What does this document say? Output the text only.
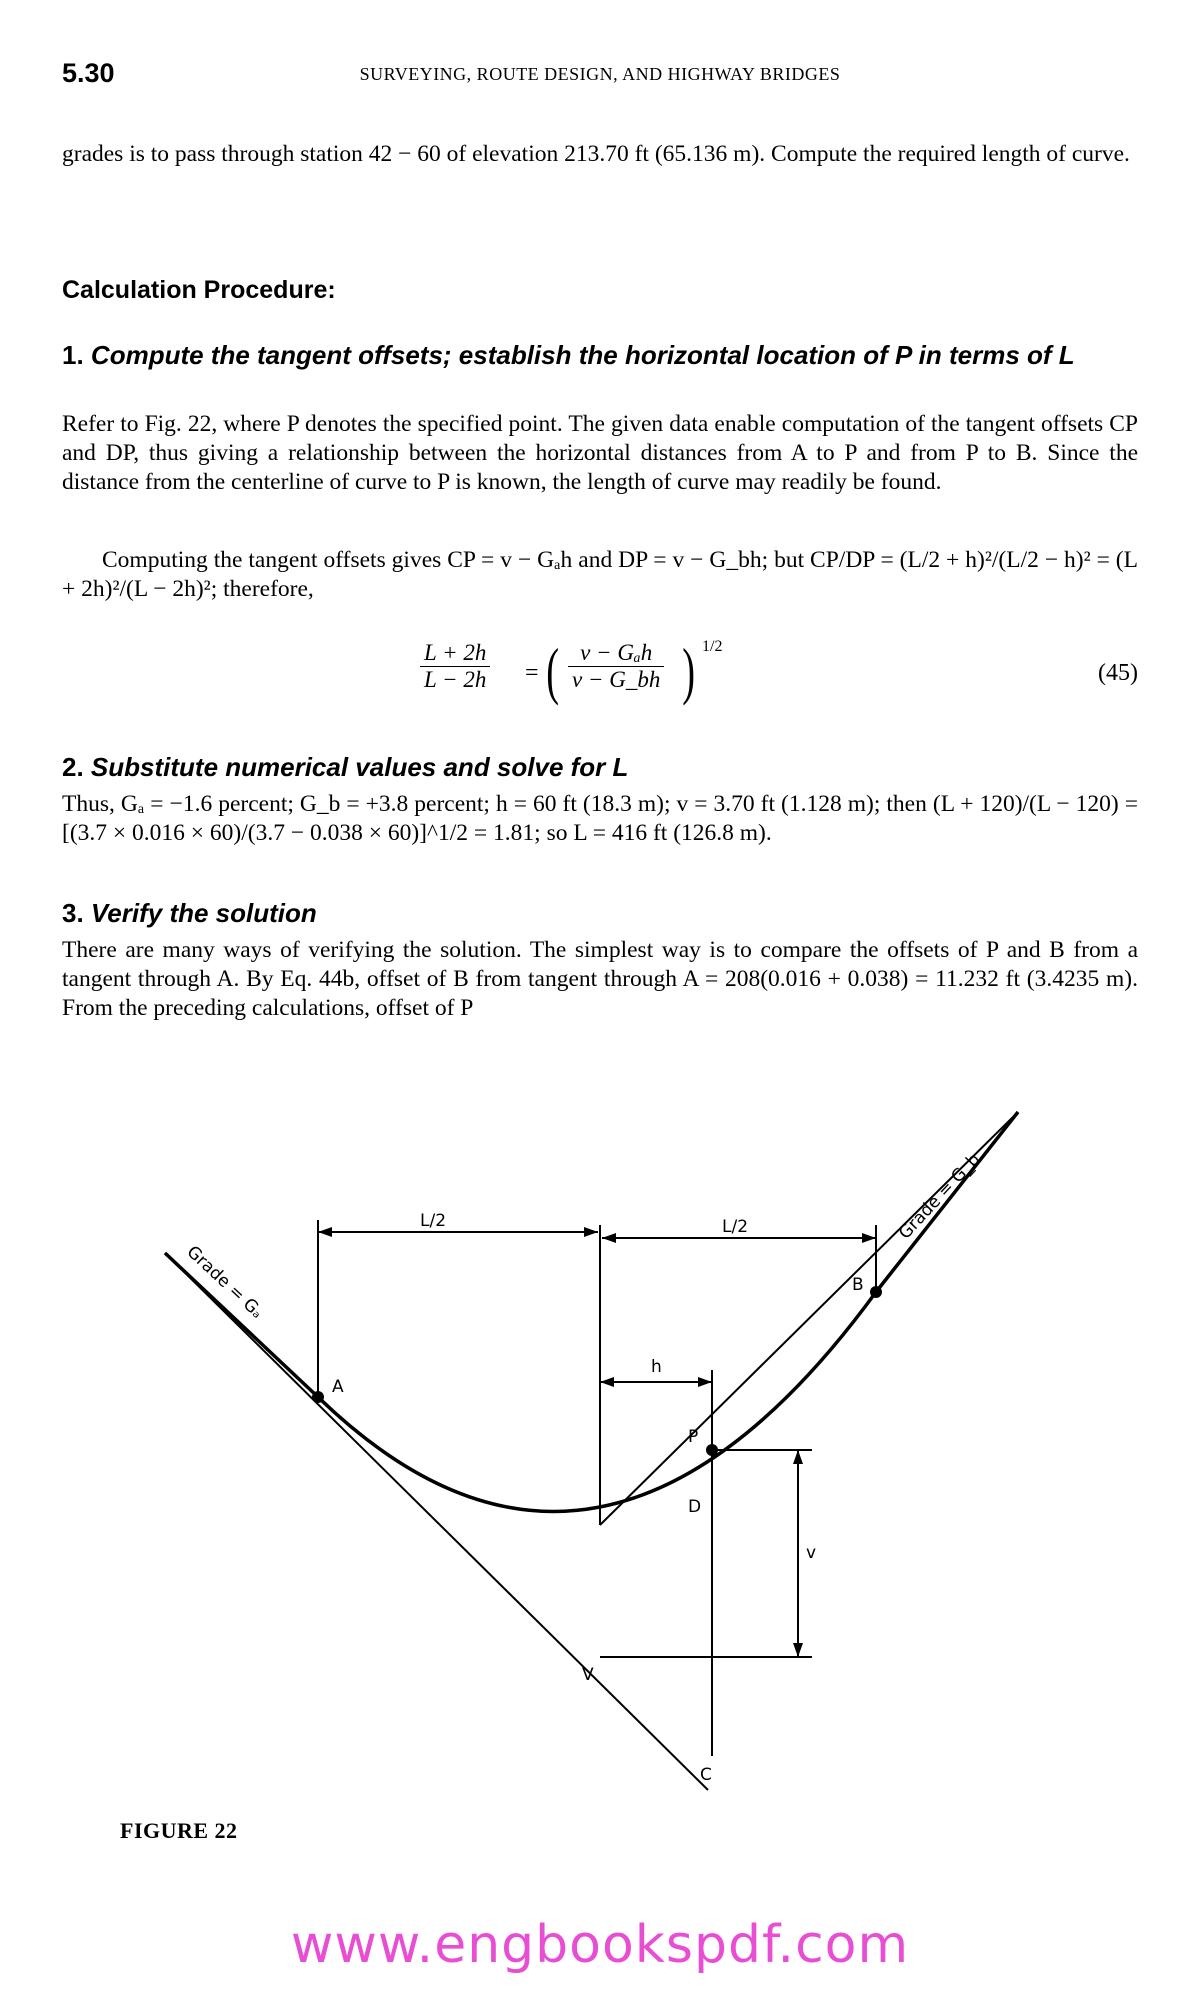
5.30	SURVEYING, ROUTE DESIGN, AND HIGHWAY BRIDGES
grades is to pass through station 42 − 60 of elevation 213.70 ft (65.136 m). Compute the required length of curve.
Calculation Procedure:
1. Compute the tangent offsets; establish the horizontal location of P in terms of L
Refer to Fig. 22, where P denotes the specified point. The given data enable computation of the tangent offsets CP and DP, thus giving a relationship between the horizontal distances from A to P and from P to B. Since the distance from the centerline of curve to P is known, the length of curve may readily be found.
Computing the tangent offsets gives CP = v − Gₐh and DP = v − G_bh; but CP/DP = (L/2 + h)²/(L/2 − h)² = (L + 2h)²/(L − 2h)²; therefore,
$\frac{L + 2h}{L - 2h}$ = ( v − Gₐh
v − G_bh ) 1/2
(45)
2. Substitute numerical values and solve for L
Thus, Gₐ = −1.6 percent; G_b = +3.8 percent; h = 60 ft (18.3 m); v = 3.70 ft (1.128 m); then (L + 120)/(L − 120) = [(3.7 × 0.016 × 60)/(3.7 − 0.038 × 60)]^1/2 = 1.81; so L = 416 ft (126.8 m).
3. Verify the solution
There are many ways of verifying the solution. The simplest way is to compare the offsets of P and B from a tangent through A. By Eq. 44b, offset of B from tangent through A = 208(0.016 + 0.038) = 11.232 ft (3.4235 m). From the preceding calculations, offset of P
L/2	L/2
Grade = Gₐ
Grade = G_b
A
B
P
D
V
C
h
v
FIGURE 22
www.engbookspdf.com
